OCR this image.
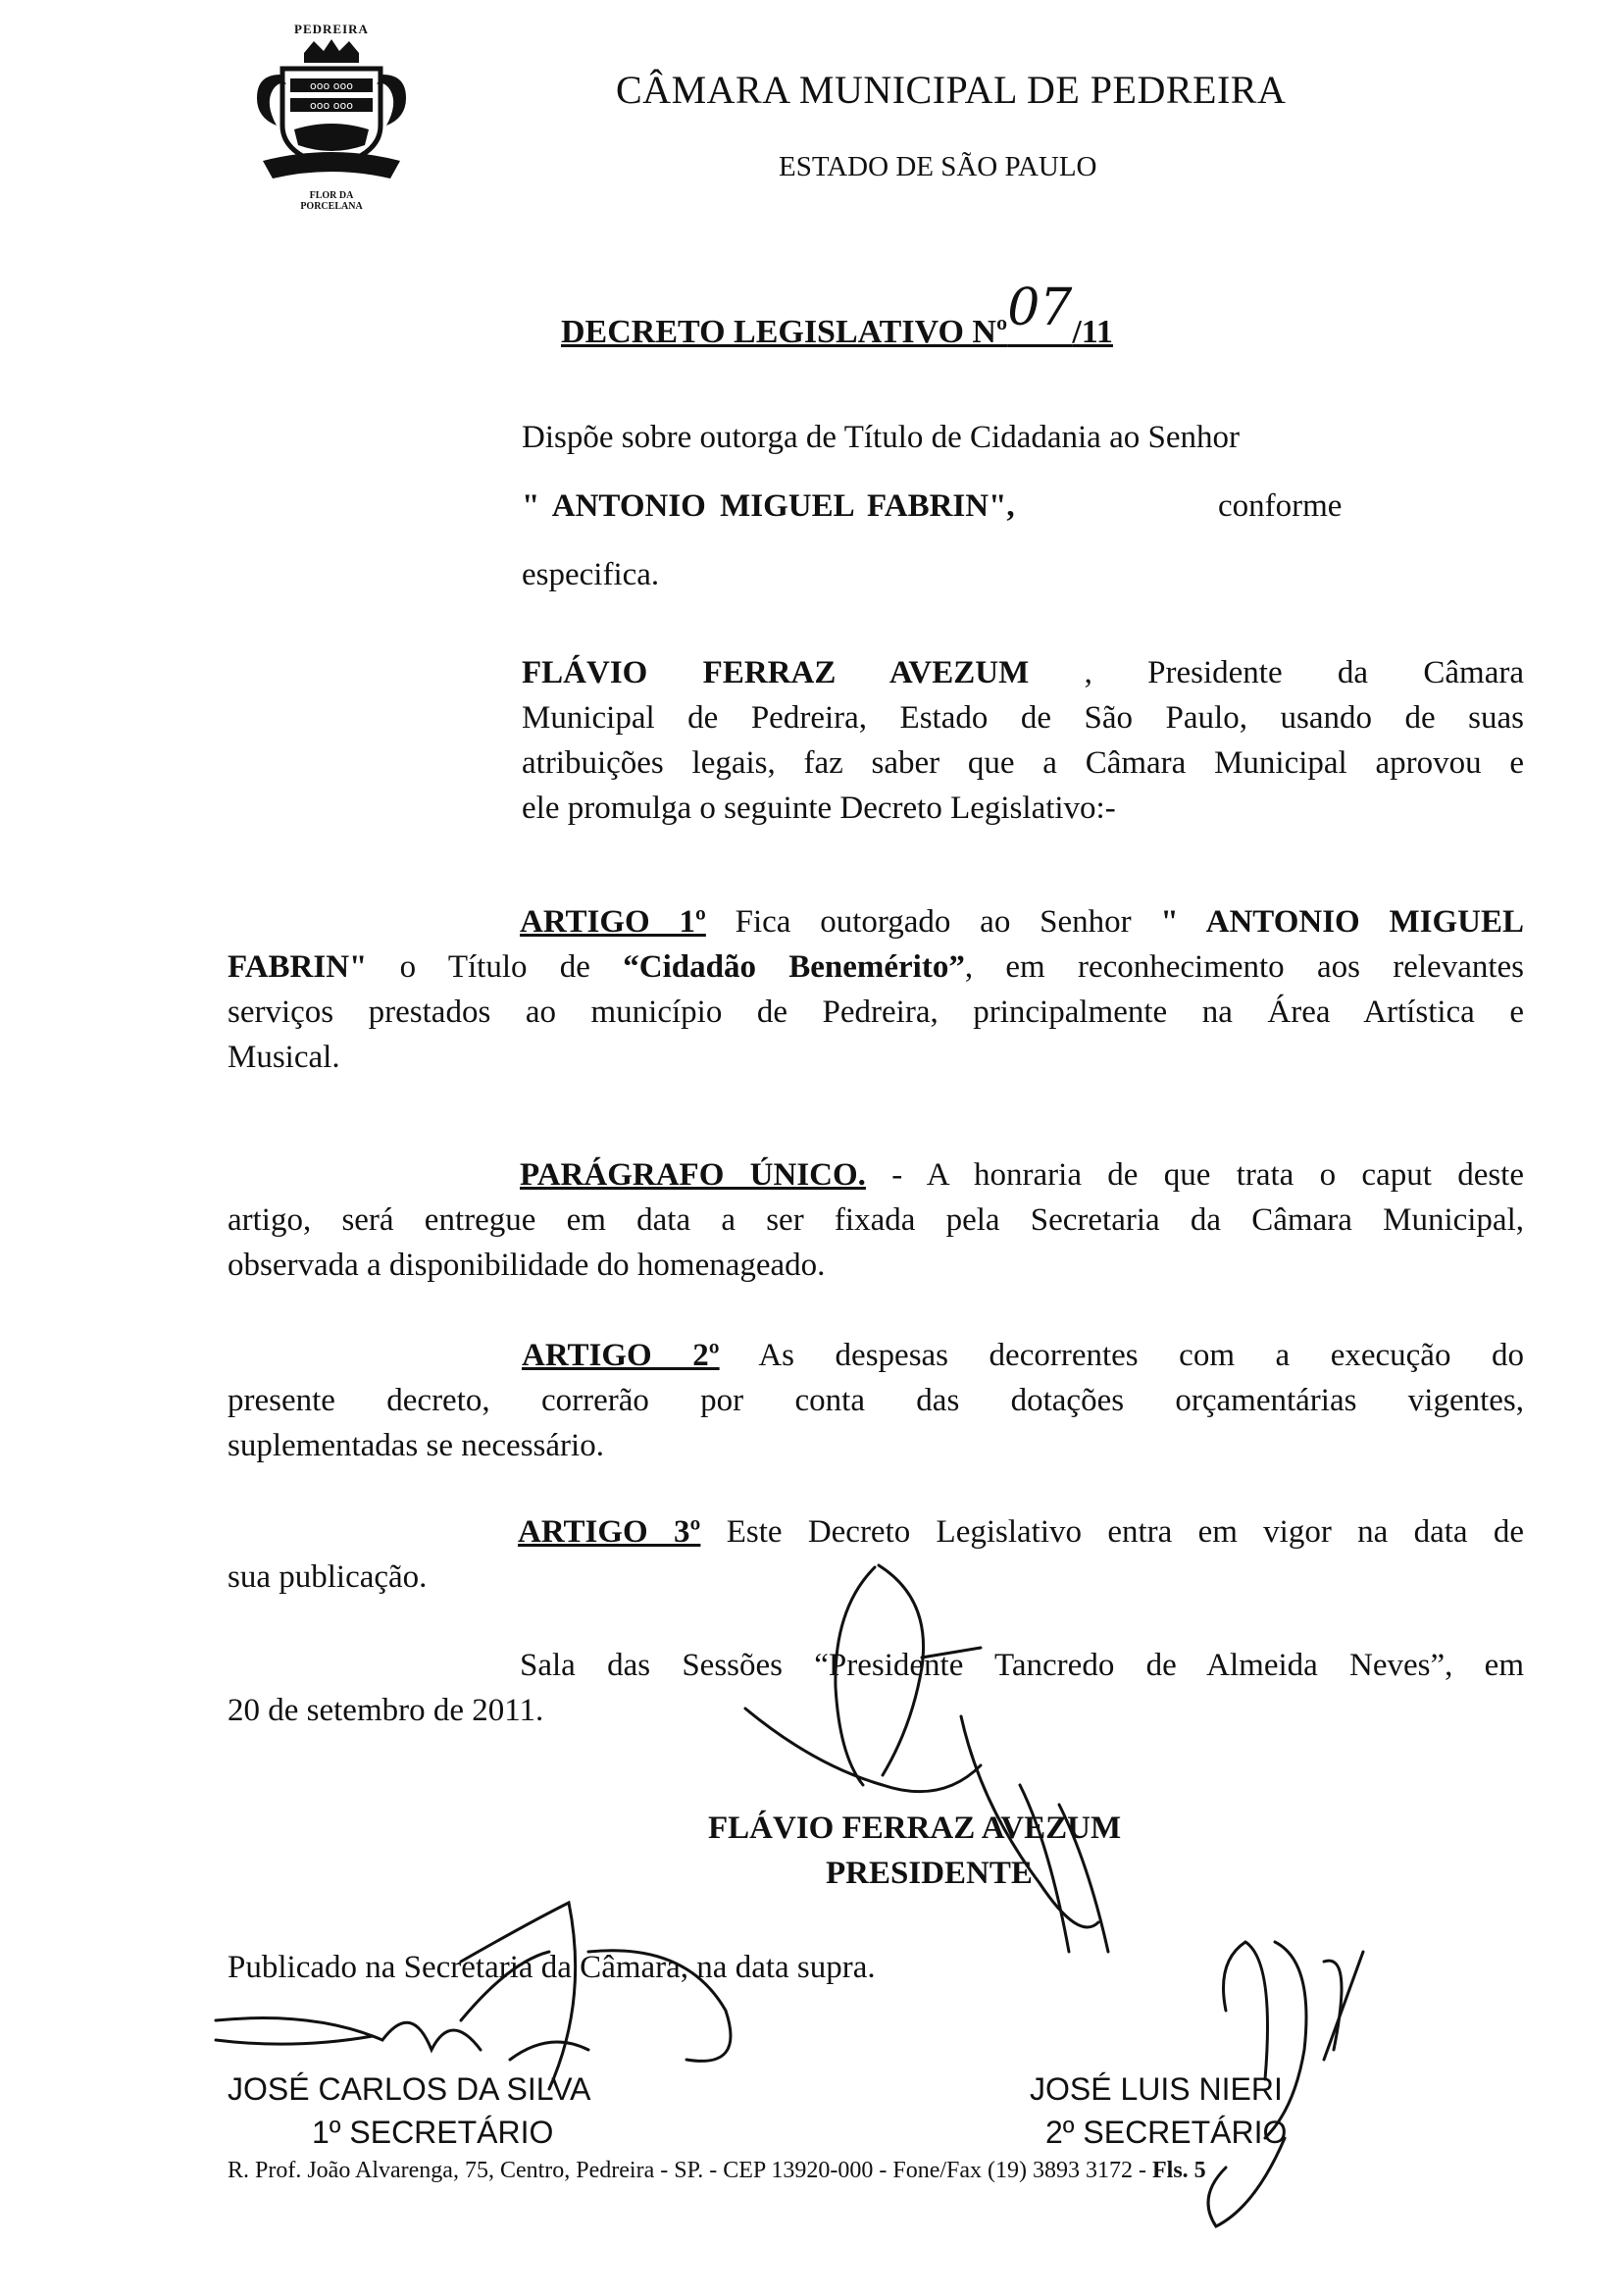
PEDREIRA
ooo ooo
ooo ooo
FLOR DA
PORCELANA
CÂMARA MUNICIPAL DE PEDREIRA
ESTADO DE SÃO PAULO
DECRETO LEGISLATIVO Nº07/11
Dispõe sobre outorga de Título de Cidadania ao Senhor
" ANTONIO MIGUEL FABRIN",	conforme
especifica.
FLÁVIO FERRAZ AVEZUM , Presidente da Câmara
Municipal de Pedreira, Estado de São Paulo, usando de suas
atribuições legais, faz saber que a Câmara Municipal aprovou e
ele promulga o seguinte Decreto Legislativo:-
ARTIGO 1º Fica outorgado ao Senhor " ANTONIO MIGUEL
FABRIN" o Título de “Cidadão Benemérito”, em reconhecimento aos relevantes
serviços prestados ao município de Pedreira, principalmente na Área Artística e
Musical.
PARÁGRAFO ÚNICO. - A honraria de que trata o caput deste
artigo, será entregue em data a ser fixada pela Secretaria da Câmara Municipal,
observada a disponibilidade do homenageado.
ARTIGO 2º As despesas decorrentes com a execução do
presente decreto, correrão por conta das dotações orçamentárias vigentes,
suplementadas se necessário.
ARTIGO 3º Este Decreto Legislativo entra em vigor na data de
sua publicação.
Sala das Sessões “Presidente Tancredo de Almeida Neves”, em
20 de setembro de 2011.
FLÁVIO FERRAZ AVEZUM
PRESIDENTE
Publicado na Secretaria da Câmara, na data supra.
JOSÉ CARLOS DA SILVA
1º SECRETÁRIO
JOSÉ LUIS NIERI
2º SECRETÁRIO
R. Prof. João Alvarenga, 75, Centro, Pedreira - SP. - CEP 13920-000 - Fone/Fax (19) 3893 3172 - Fls. 5
